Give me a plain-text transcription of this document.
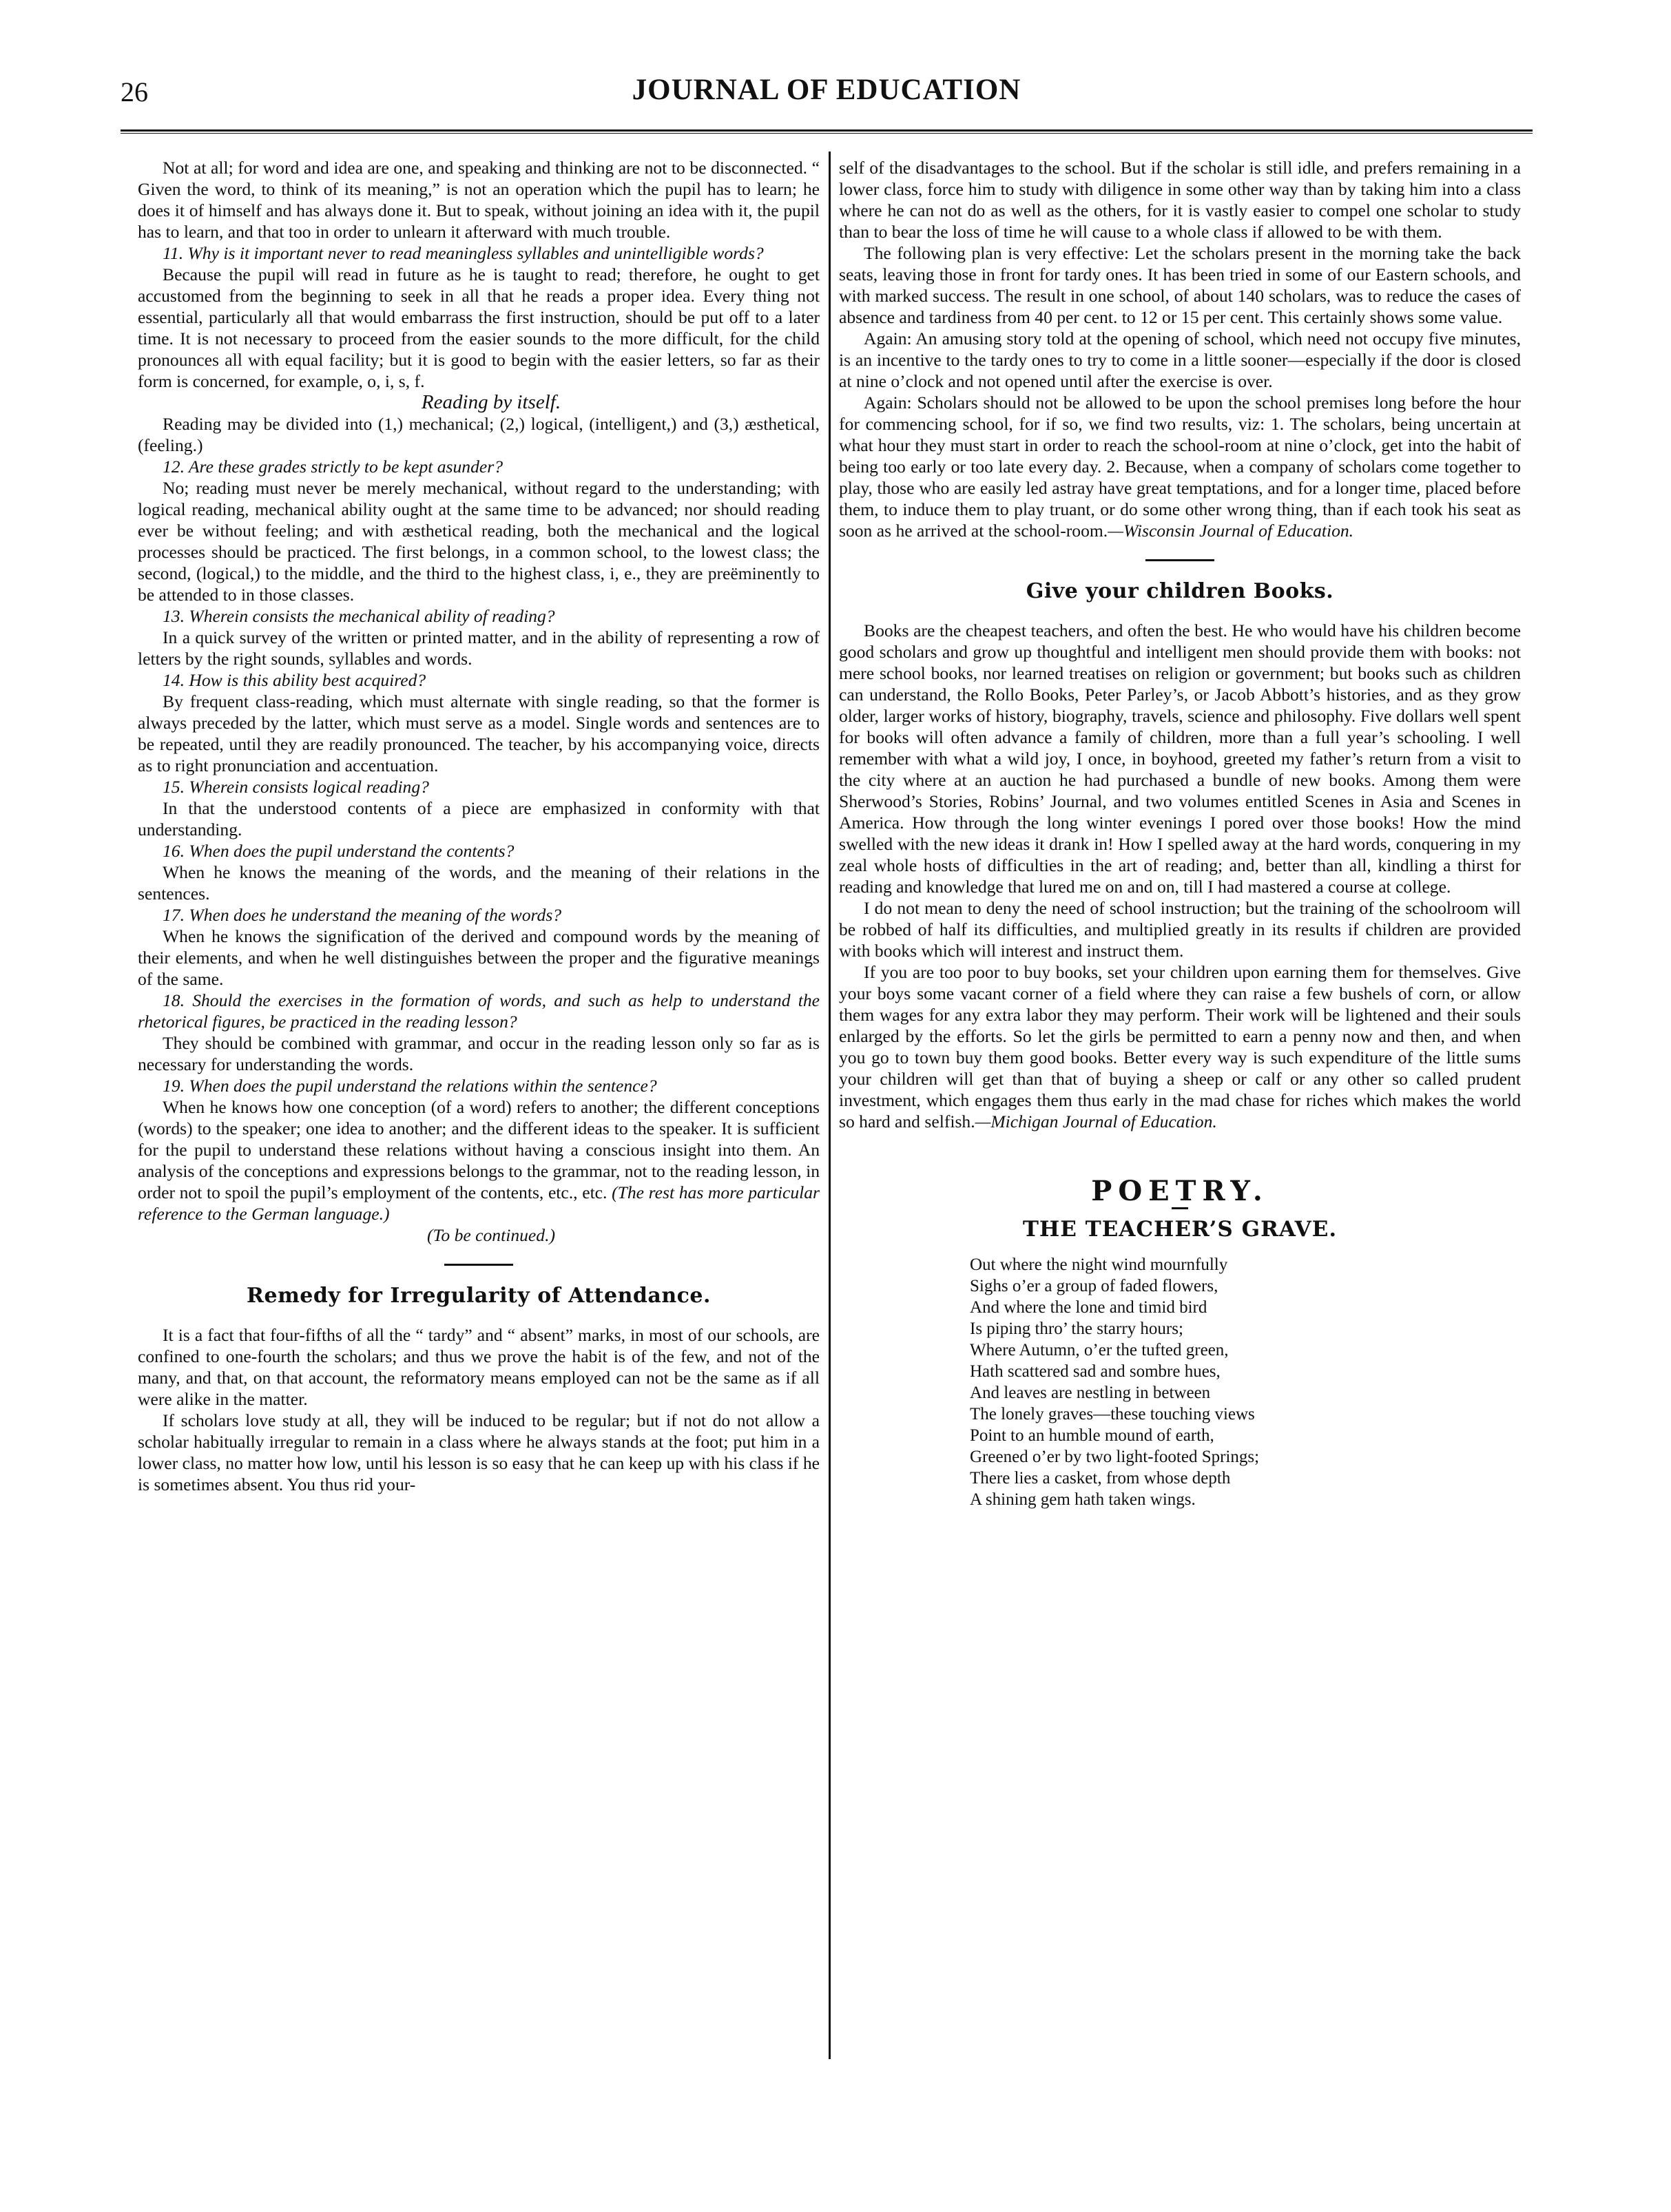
26	JOURNAL OF EDUCATION

Not at all; for word and idea are one, and speaking and thinking are not to be disconnected. “ Given the word, to think of its meaning,” is not an operation which the pupil has to learn; he does it of himself and has always done it. But to speak, without joining an idea with it, the pupil has to learn, and that too in order to unlearn it afterward with much trouble.

11. Why is it important never to read meaningless syllables and unintelligible words?

Because the pupil will read in future as he is taught to read; therefore, he ought to get accustomed from the beginning to seek in all that he reads a proper idea. Every thing not essential, particularly all that would embarrass the first instruction, should be put off to a later time. It is not necessary to proceed from the easier sounds to the more difficult, for the child pronounces all with equal facility; but it is good to begin with the easier letters, so far as their form is concerned, for example, o, i, s, f.

Reading by itself.

Reading may be divided into (1,) mechanical; (2,) logical, (intelligent,) and (3,) æsthetical, (feeling.)

12. Are these grades strictly to be kept asunder?

No; reading must never be merely mechanical, without regard to the understanding; with logical reading, mechanical ability ought at the same time to be advanced; nor should reading ever be without feeling; and with æsthetical reading, both the mechanical and the logical processes should be practiced. The first belongs, in a common school, to the lowest class; the second, (logical,) to the middle, and the third to the highest class, i, e., they are preëminently to be attended to in those classes.

13. Wherein consists the mechanical ability of reading?

In a quick survey of the written or printed matter, and in the ability of representing a row of letters by the right sounds, syllables and words.

14. How is this ability best acquired?

By frequent class-reading, which must alternate with single reading, so that the former is always preceded by the latter, which must serve as a model. Single words and sentences are to be repeated, until they are readily pronounced. The teacher, by his accompanying voice, directs as to right pronunciation and accentuation.

15. Wherein consists logical reading?

In that the understood contents of a piece are emphasized in conformity with that understanding.

16. When does the pupil understand the contents?

When he knows the meaning of the words, and the meaning of their relations in the sentences.

17. When does he understand the meaning of the words?

When he knows the signification of the derived and compound words by the meaning of their elements, and when he well distinguishes between the proper and the figurative meanings of the same.

18. Should the exercises in the formation of words, and such as help to understand the rhetorical figures, be practiced in the reading lesson?

They should be combined with grammar, and occur in the reading lesson only so far as is necessary for understanding the words.

19. When does the pupil understand the relations within the sentence?

When he knows how one conception (of a word) refers to another; the different conceptions (words) to the speaker; one idea to another; and the different ideas to the speaker. It is sufficient for the pupil to understand these relations without having a conscious insight into them. An analysis of the conceptions and expressions belongs to the grammar, not to the reading lesson, in order not to spoil the pupil’s employment of the contents, etc., etc. (The rest has more particular reference to the German language.)

(To be continued.)

Remedy for Irregularity of Attendance.

It is a fact that four-fifths of all the “ tardy” and “ absent” marks, in most of our schools, are confined to one-fourth the scholars; and thus we prove the habit is of the few, and not of the many, and that, on that account, the reformatory means employed can not be the same as if all were alike in the matter.

If scholars love study at all, they will be induced to be regular; but if not do not allow a scholar habitually irregular to remain in a class where he always stands at the foot; put him in a lower class, no matter how low, until his lesson is so easy that he can keep up with his class if he is sometimes absent. You thus rid your-

self of the disadvantages to the school. But if the scholar is still idle, and prefers remaining in a lower class, force him to study with diligence in some other way than by taking him into a class where he can not do as well as the others, for it is vastly easier to compel one scholar to study than to bear the loss of time he will cause to a whole class if allowed to be with them.

The following plan is very effective: Let the scholars present in the morning take the back seats, leaving those in front for tardy ones. It has been tried in some of our Eastern schools, and with marked success. The result in one school, of about 140 scholars, was to reduce the cases of absence and tardiness from 40 per cent. to 12 or 15 per cent. This certainly shows some value.

Again: An amusing story told at the opening of school, which need not occupy five minutes, is an incentive to the tardy ones to try to come in a little sooner—especially if the door is closed at nine o’clock and not opened until after the exercise is over.

Again: Scholars should not be allowed to be upon the school premises long before the hour for commencing school, for if so, we find two results, viz: 1. The scholars, being uncertain at what hour they must start in order to reach the school-room at nine o’clock, get into the habit of being too early or too late every day. 2. Because, when a company of scholars come together to play, those who are easily led astray have great temptations, and for a longer time, placed before them, to induce them to play truant, or do some other wrong thing, than if each took his seat as soon as he arrived at the school-room.—Wisconsin Journal of Education.

Give your children Books.

Books are the cheapest teachers, and often the best. He who would have his children become good scholars and grow up thoughtful and intelligent men should provide them with books: not mere school books, nor learned treatises on religion or government; but books such as children can understand, the Rollo Books, Peter Parley’s, or Jacob Abbott’s histories, and as they grow older, larger works of history, biography, travels, science and philosophy. Five dollars well spent for books will often advance a family of children, more than a full year’s schooling. I well remember with what a wild joy, I once, in boyhood, greeted my father’s return from a visit to the city where at an auction he had purchased a bundle of new books. Among them were Sherwood’s Stories, Robins’ Journal, and two volumes entitled Scenes in Asia and Scenes in America. How through the long winter evenings I pored over those books! How the mind swelled with the new ideas it drank in! How I spelled away at the hard words, conquering in my zeal whole hosts of difficulties in the art of reading; and, better than all, kindling a thirst for reading and knowledge that lured me on and on, till I had mastered a course at college.

I do not mean to deny the need of school instruction; but the training of the schoolroom will be robbed of half its difficulties, and multiplied greatly in its results if children are provided with books which will interest and instruct them.

If you are too poor to buy books, set your children upon earning them for themselves. Give your boys some vacant corner of a field where they can raise a few bushels of corn, or allow them wages for any extra labor they may perform. Their work will be lightened and their souls enlarged by the efforts. So let the girls be permitted to earn a penny now and then, and when you go to town buy them good books. Better every way is such expenditure of the little sums your children will get than that of buying a sheep or calf or any other so called prudent investment, which engages them thus early in the mad chase for riches which makes the world so hard and selfish.—Michigan Journal of Education.

POETRY.
THE TEACHER’S GRAVE.
Out where the night wind mournfully
Sighs o’er a group of faded flowers,
And where the lone and timid bird
Is piping thro’ the starry hours;
Where Autumn, o’er the tufted green,
Hath scattered sad and sombre hues,
And leaves are nestling in between
The lonely graves—these touching views
Point to an humble mound of earth,
Greened o’er by two light-footed Springs;
There lies a casket, from whose depth
A shining gem hath taken wings.
